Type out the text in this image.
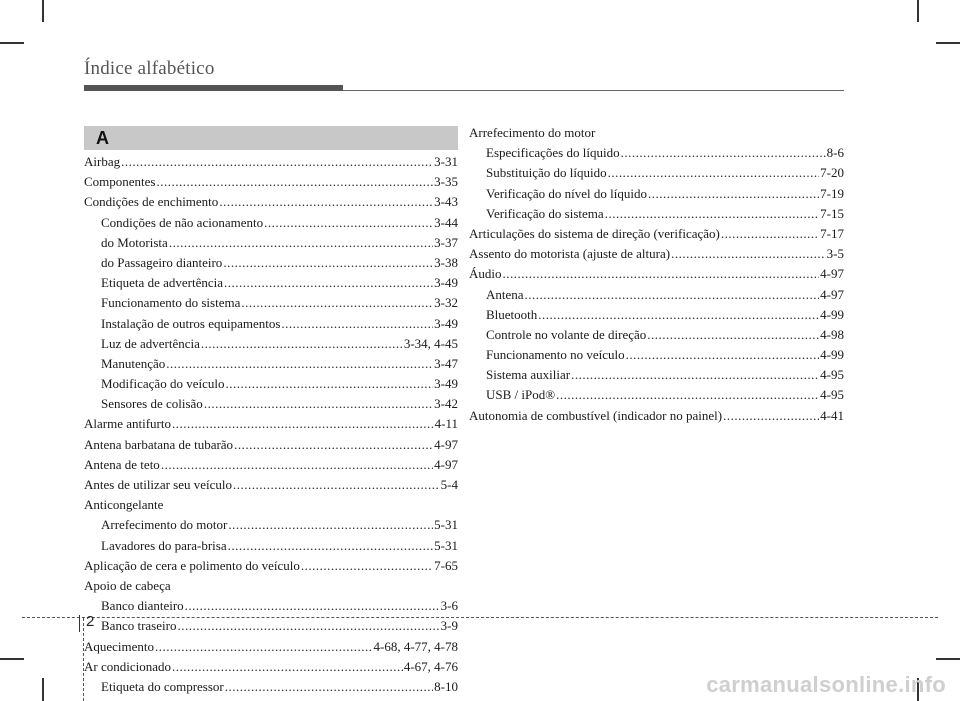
Índice alfabético
A
Airbag .....	3-31
Componentes .....	3-35
Condições de enchimento .....	3-43
Condições de não acionamento .....	3-44
do Motorista .....	3-37
do Passageiro dianteiro .....	3-38
Etiqueta de advertência .....	3-49
Funcionamento do sistema .....	3-32
Instalação de outros equipamentos .....	3-49
Luz de advertência .....	3-34, 4-45
Manutenção .....	3-47
Modificação do veículo .....	3-49
Sensores de colisão .....	3-42
Alarme antifurto .....	4-11
Antena barbatana de tubarão .....	4-97
Antena de teto .....	4-97
Antes de utilizar seu veículo .....	5-4
Anticongelante
Arrefecimento do motor .....	5-31
Lavadores do para-brisa .....	5-31
Aplicação de cera e polimento do veículo .....	7-65
Apoio de cabeça
Banco dianteiro .....	3-6
Banco traseiro .....	3-9
Aquecimento .....	4-68, 4-77, 4-78
Ar condicionado .....	4-67, 4-76
Etiqueta do compressor .....	8-10
Arrefecimento do motor
Especificações do líquido .....	8-6
Substituição do líquido .....	7-20
Verificação do nível do líquido .....	7-19
Verificação do sistema .....	7-15
Articulações do sistema de direção (verificação) .....	7-17
Assento do motorista (ajuste de altura) .....	3-5
Áudio .....	4-97
Antena .....	4-97
Bluetooth .....	4-99
Controle no volante de direção .....	4-98
Funcionamento no veículo .....	4-99
Sistema auxiliar .....	4-95
USB / iPod® .....	4-95
Autonomia de combustível (indicador no painel) .....	4-41
2
carmanualsonline.info
